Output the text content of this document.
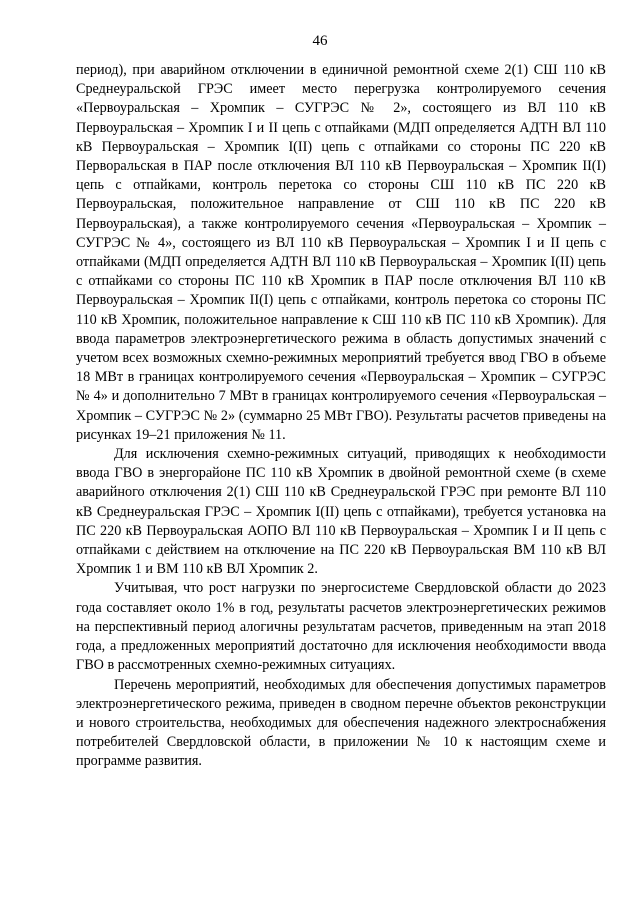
46

период), при аварийном отключении в единичной ремонтной схеме 2(1) СШ 110 кВ Среднеуральской ГРЭС имеет место перегрузка контролируемого сечения «Первоуральская – Хромпик – СУГРЭС № 2», состоящего из ВЛ 110 кВ Первоуральская – Хромпик I и II цепь с отпайками (МДП определяется АДТН ВЛ 110 кВ Первоуральская – Хромпик I(II) цепь с отпайками со стороны ПС 220 кВ Перворальская в ПАР после отключения ВЛ 110 кВ Первоуральская – Хромпик II(I) цепь с отпайками, контроль перетока со стороны СШ 110 кВ ПС 220 кВ Первоуральская, положительное направление от СШ 110 кВ ПС 220 кВ Первоуральская), а также контролируемого сечения «Первоуральская – Хромпик – СУГРЭС № 4», состоящего из ВЛ 110 кВ Первоуральская – Хромпик I и II цепь с отпайками (МДП определяется АДТН ВЛ 110 кВ Первоуральская – Хромпик I(II) цепь с отпайками со стороны ПС 110 кВ Хромпик в ПАР после отключения ВЛ 110 кВ Первоуральская – Хромпик II(I) цепь с отпайками, контроль перетока со стороны ПС 110 кВ Хромпик, положительное направление к СШ 110 кВ ПС 110 кВ Хромпик). Для ввода параметров электроэнергетического режима в область допустимых значений с учетом всех возможных схемно-режимных мероприятий требуется ввод ГВО в объеме 18 МВт в границах контролируемого сечения «Первоуральская – Хромпик – СУГРЭС № 4» и дополнительно 7 МВт в границах контролируемого сечения «Первоуральская – Хромпик – СУГРЭС № 2» (суммарно 25 МВт ГВО). Результаты расчетов приведены на рисунках 19–21 приложения № 11.

Для исключения схемно-режимных ситуаций, приводящих к необходимости ввода ГВО в энергорайоне ПС 110 кВ Хромпик в двойной ремонтной схеме (в схеме аварийного отключения 2(1) СШ 110 кВ Среднеуральской ГРЭС при ремонте ВЛ 110 кВ Среднеуральская ГРЭС – Хромпик I(II) цепь с отпайками), требуется установка на ПС 220 кВ Первоуральская АОПО ВЛ 110 кВ Первоуральская – Хромпик I и II цепь с отпайками с действием на отключение на ПС 220 кВ Первоуральская ВМ 110 кВ ВЛ Хромпик 1 и ВМ 110 кВ ВЛ Хромпик 2.

Учитывая, что рост нагрузки по энергосистеме Свердловской области до 2023 года составляет около 1% в год, результаты расчетов электроэнергетических режимов на перспективный период алогичны результатам расчетов, приведенным на этап 2018 года, а предложенных мероприятий достаточно для исключения необходимости ввода ГВО в рассмотренных схемно-режимных ситуациях.

Перечень мероприятий, необходимых для обеспечения допустимых параметров электроэнергетического режима, приведен в сводном перечне объектов реконструкции и нового строительства, необходимых для обеспечения надежного электроснабжения потребителей Свердловской области, в приложении № 10 к настоящим схеме и программе развития.
